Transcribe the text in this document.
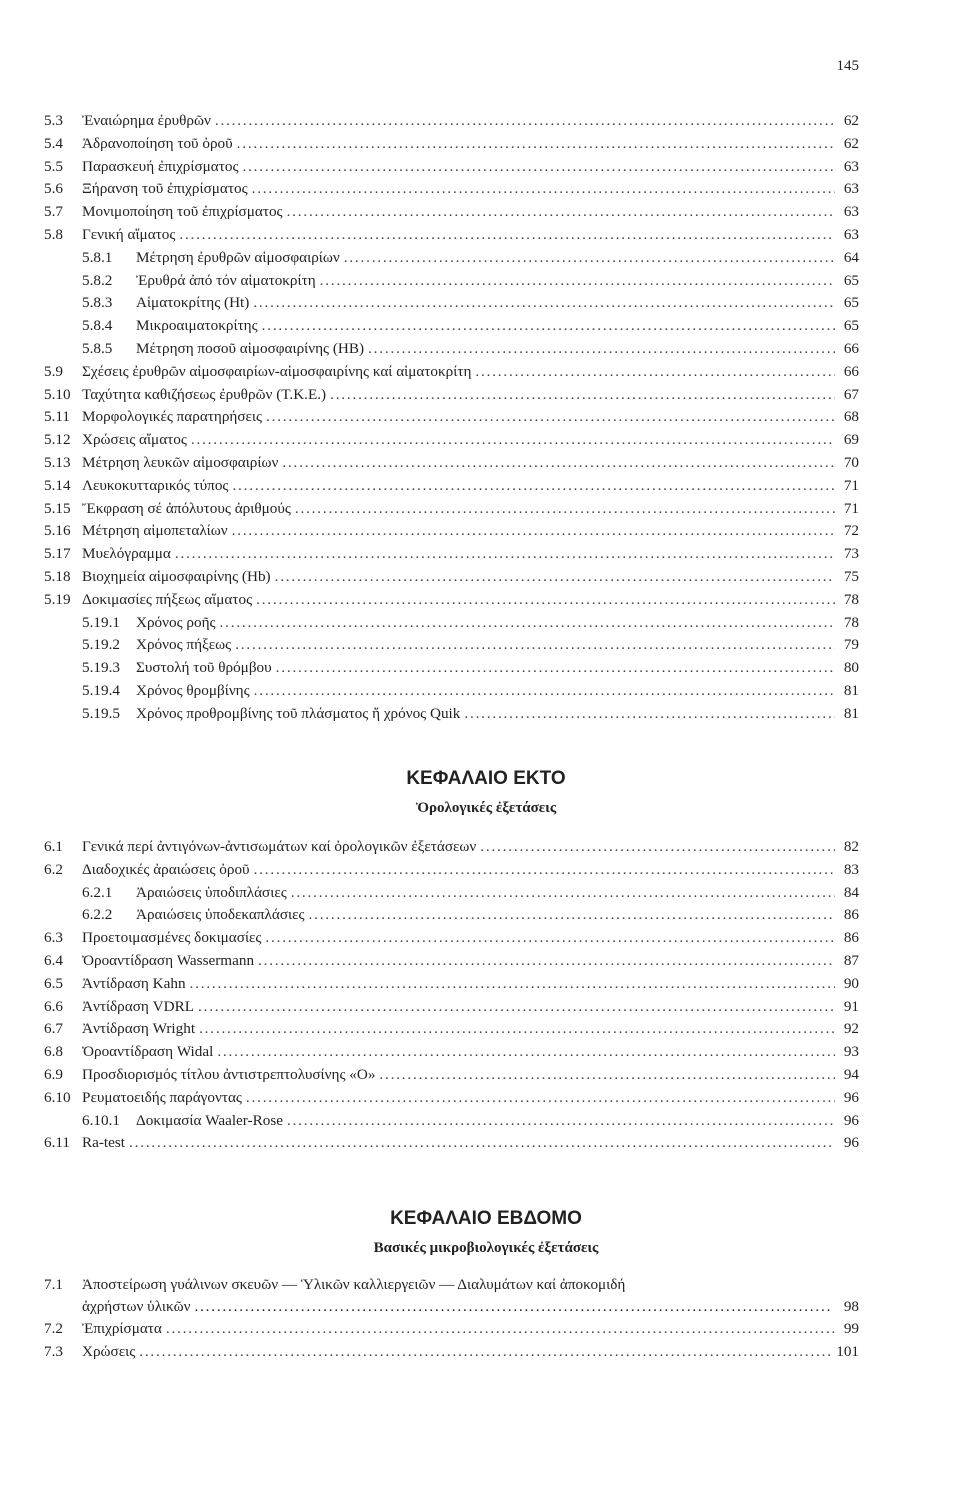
145
5.3	Ἐναιώρημα ἐρυθρῶν . . .	62
5.4	Ἀδρανοποίηση τοῦ ὀροῦ . . .	62
5.5	Παρασκευή ἐπιχρίσματος . . .	63
5.6	Ξήρανση τοῦ ἐπιχρίσματος . . .	63
5.7	Μονιμοποίηση τοῦ ἐπιχρίσματος . . .	63
5.8	Γενική αἵματος . . .	63
5.8.1	Μέτρηση ἐρυθρῶν αἱμοσφαιρίων . . .	64
5.8.2	Ἐρυθρά ἀπό τόν αἱματοκρίτη . . .	65
5.8.3	Αἱματοκρίτης (Ht) . . .	65
5.8.4	Μικροαιματοκρίτης . . .	65
5.8.5	Μέτρηση ποσοῦ αἱμοσφαιρίνης (HB) . . .	66
5.9	Σχέσεις ἐρυθρῶν αἱμοσφαιρίων-αἱμοσφαιρίνης καί αἱματοκρίτη . . .	66
5.10 Ταχύτητα καθιζήσεως ἐρυθρῶν (Τ.Κ.Ε.) . . .	67
5.11 Μορφολογικές παρατηρήσεις . . .	68
5.12 Χρώσεις αἵματος . . .	69
5.13 Μέτρηση λευκῶν αἱμοσφαιρίων . . .	70
5.14 Λευκοκυτταρικός τύπος . . .	71
5.15 Ἔκφραση σέ ἀπόλυτους ἀριθμούς . . .	71
5.16 Μέτρηση αἱμοπεταλίων . . .	72
5.17 Μυελόγραμμα . . .	73
5.18 Βιοχημεία αἱμοσφαιρίνης (Hb) . . .	75
5.19 Δοκιμασίες πήξεως αἵματος . . .	78
5.19.1	Χρόνος ροῆς . . .	78
5.19.2	Χρόνος πήξεως . . .	79
5.19.3	Συστολή τοῦ θρόμβου . . .	80
5.19.4	Χρόνος θρομβίνης . . .	81
5.19.5	Χρόνος προθρομβίνης τοῦ πλάσματος ἤ χρόνος Quik . . .	81
ΚΕΦΑΛΑΙΟ ΕΚΤΟ
Ὀρολογικές ἐξετάσεις
6.1	Γενικά περί ἀντιγόνων-ἀντισωμάτων καί ὀρολογικῶν ἐξετάσεων . . .	82
6.2	Διαδοχικές ἀραιώσεις ὀροῦ . . .	83
6.2.1	Ἀραιώσεις ὑποδιπλάσιες . . .	84
6.2.2	Ἀραιώσεις ὑποδεκαπλάσιες . . .	86
6.3	Προετοιμασμένες δοκιμασίες . . .	86
6.4	Ὀροαντίδραση Wassermann . . .	87
6.5	Ἀντίδραση Kahn . . .	90
6.6	Ἀντίδραση VDRL . . .	91
6.7	Ἀντίδραση Wright . . .	92
6.8	Ὀροαντίδραση Widal . . .	93
6.9	Προσδιορισμός τίτλου ἀντιστρεπτολυσίνης «Ο» . . .	94
6.10 Ρευματοειδής παράγοντας . . .	96
6.10.1	Δοκιμασία Waaler-Rose . . .	96
6.11 Ra-test . . .	96
ΚΕΦΑΛΑΙΟ ΕΒΔΟΜΟ
Βασικές μικροβιολογικές ἐξετάσεις
7.1	Ἀποστείρωση γυάλινων σκευῶν — Ὑλικῶν καλλιεργειῶν — Διαλυμάτων καί ἀποκομιδή
ἀχρήστων ὑλικῶν . . .	98
7.2	Ἐπιχρίσματα . . .	99
7.3	Χρώσεις . . .	101
